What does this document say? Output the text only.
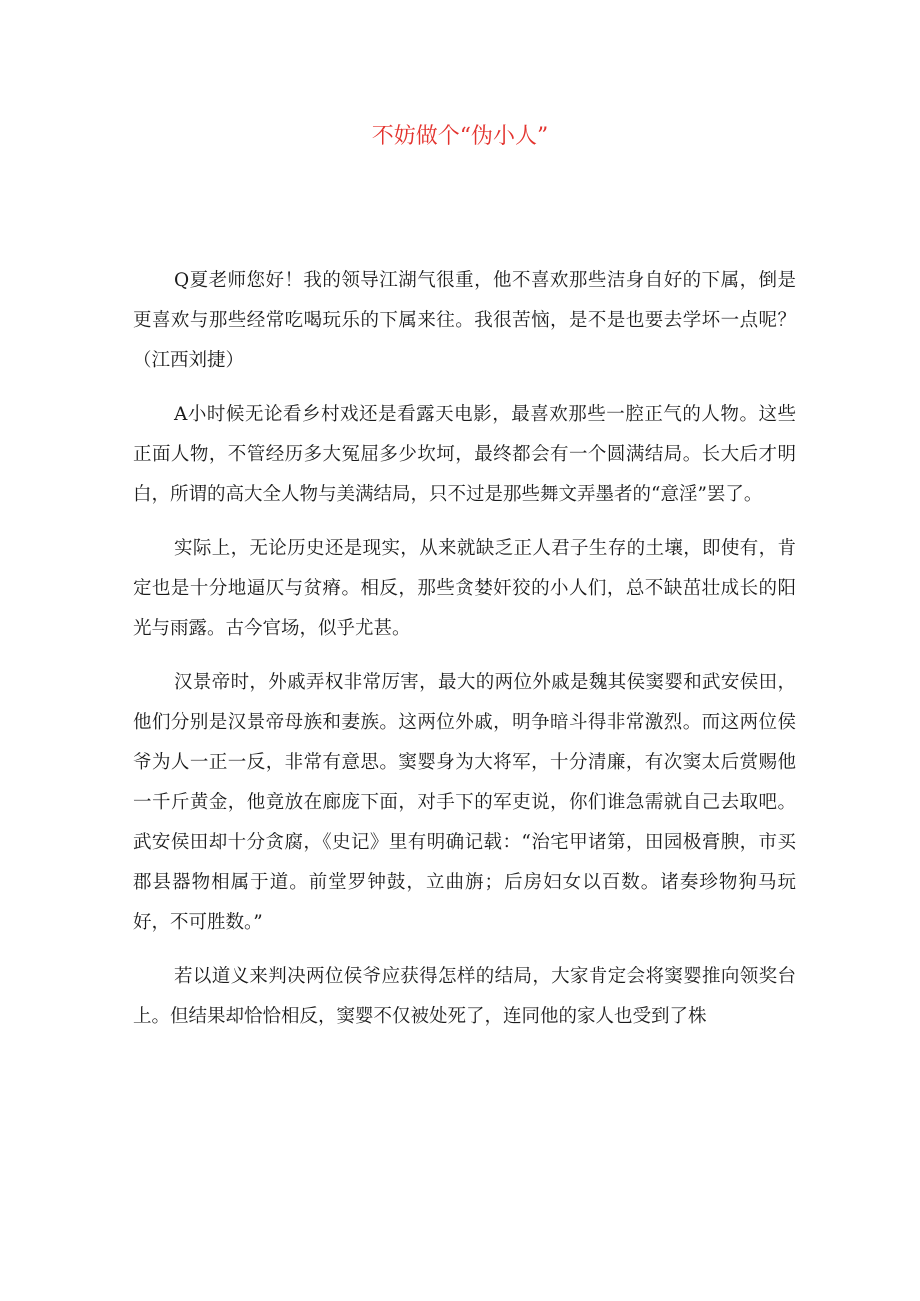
不妨做个“伪小人”

Q夏老师您好！我的领导江湖气很重，他不喜欢那些洁身自好的下属，倒是更喜欢与那些经常吃喝玩乐的下属来往。我很苦恼，是不是也要去学坏一点呢？（江西刘捷）

A小时候无论看乡村戏还是看露天电影，最喜欢那些一腔正气的人物。这些正面人物，不管经历多大冤屈多少坎坷，最终都会有一个圆满结局。长大后才明白，所谓的高大全人物与美满结局，只不过是那些舞文弄墨者的“意淫”罢了。

实际上，无论历史还是现实，从来就缺乏正人君子生存的土壤，即使有，肯定也是十分地逼仄与贫瘠。相反，那些贪婪奸狡的小人们，总不缺茁壮成长的阳光与雨露。古今官场，似乎尤甚。

汉景帝时，外戚弄权非常厉害，最大的两位外戚是魏其侯窦婴和武安侯田，他们分别是汉景帝母族和妻族。这两位外戚，明争暗斗得非常激烈。而这两位侯爷为人一正一反，非常有意思。窦婴身为大将军，十分清廉，有次窦太后赏赐他一千斤黄金，他竟放在廊庞下面，对手下的军吏说，你们谁急需就自己去取吧。武安侯田却十分贪腐，《史记》里有明确记载：“治宅甲诸第，田园极膏腴，市买郡县器物相属于道。前堂罗钟鼓，立曲旃；后房妇女以百数。诸奏珍物狗马玩好，不可胜数。”

若以道义来判决两位侯爷应获得怎样的结局，大家肯定会将窦婴推向领奖台上。但结果却恰恰相反，窦婴不仅被处死了，连同他的家人也受到了株
